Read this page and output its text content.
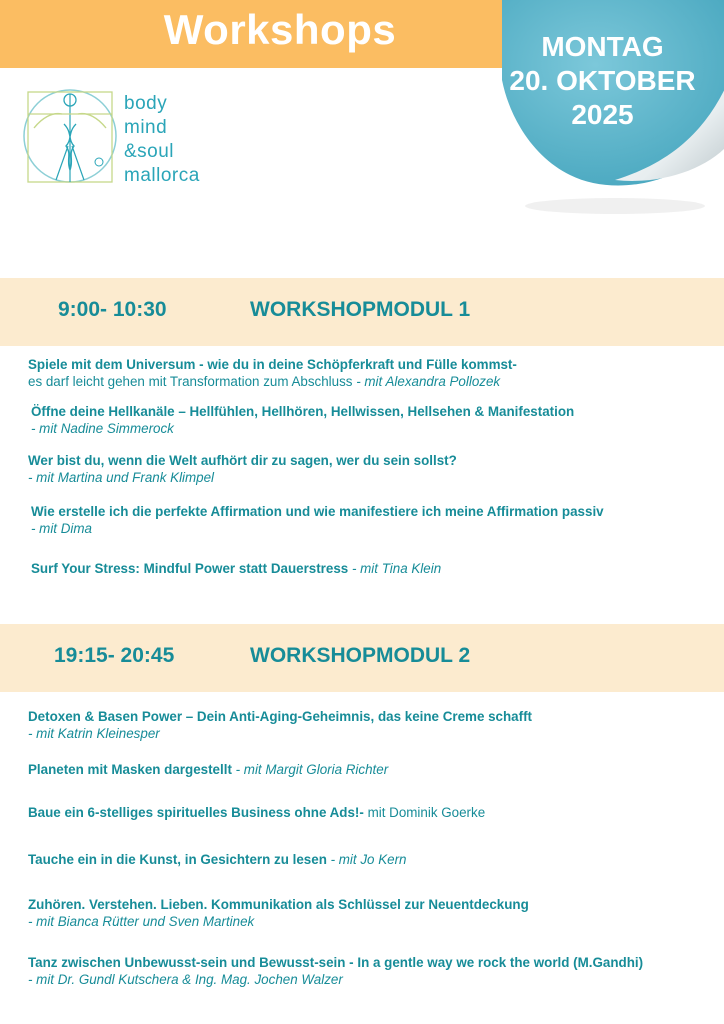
Workshops	MONTAG
20. OKTOBER
2025
body
mind
&soul
mallorca
9:00- 10:30	WORKSHOPMODUL 1
Spiele mit dem Universum - wie du in deine Schöpferkraft und Fülle kommst-
es darf leicht gehen mit Transformation zum Abschluss - mit Alexandra Pollozek
Öffne deine Hellkanäle – Hellfühlen, Hellhören, Hellwissen, Hellsehen & Manifestation
- mit Nadine Simmerock
Wer bist du, wenn die Welt aufhört dir zu sagen, wer du sein sollst?
- mit Martina und Frank Klimpel
Wie erstelle ich die perfekte Affirmation und wie manifestiere ich meine Affirmation passiv
- mit Dima
Surf Your Stress: Mindful Power statt Dauerstress - mit Tina Klein
19:15- 20:45	WORKSHOPMODUL 2
Detoxen & Basen Power – Dein Anti-Aging-Geheimnis, das keine Creme schafft
- mit Katrin Kleinesper
Planeten mit Masken dargestellt - mit Margit Gloria Richter
Baue ein 6-stelliges spirituelles Business ohne Ads!- mit Dominik Goerke
Tauche ein in die Kunst, in Gesichtern zu lesen - mit Jo Kern
Zuhören. Verstehen. Lieben. Kommunikation als Schlüssel zur Neuentdeckung
- mit Bianca Rütter und Sven Martinek
Tanz zwischen Unbewusst-sein und Bewusst-sein - In a gentle way we rock the world (M.Gandhi)
- mit Dr. Gundl Kutschera & Ing. Mag. Jochen Walzer
